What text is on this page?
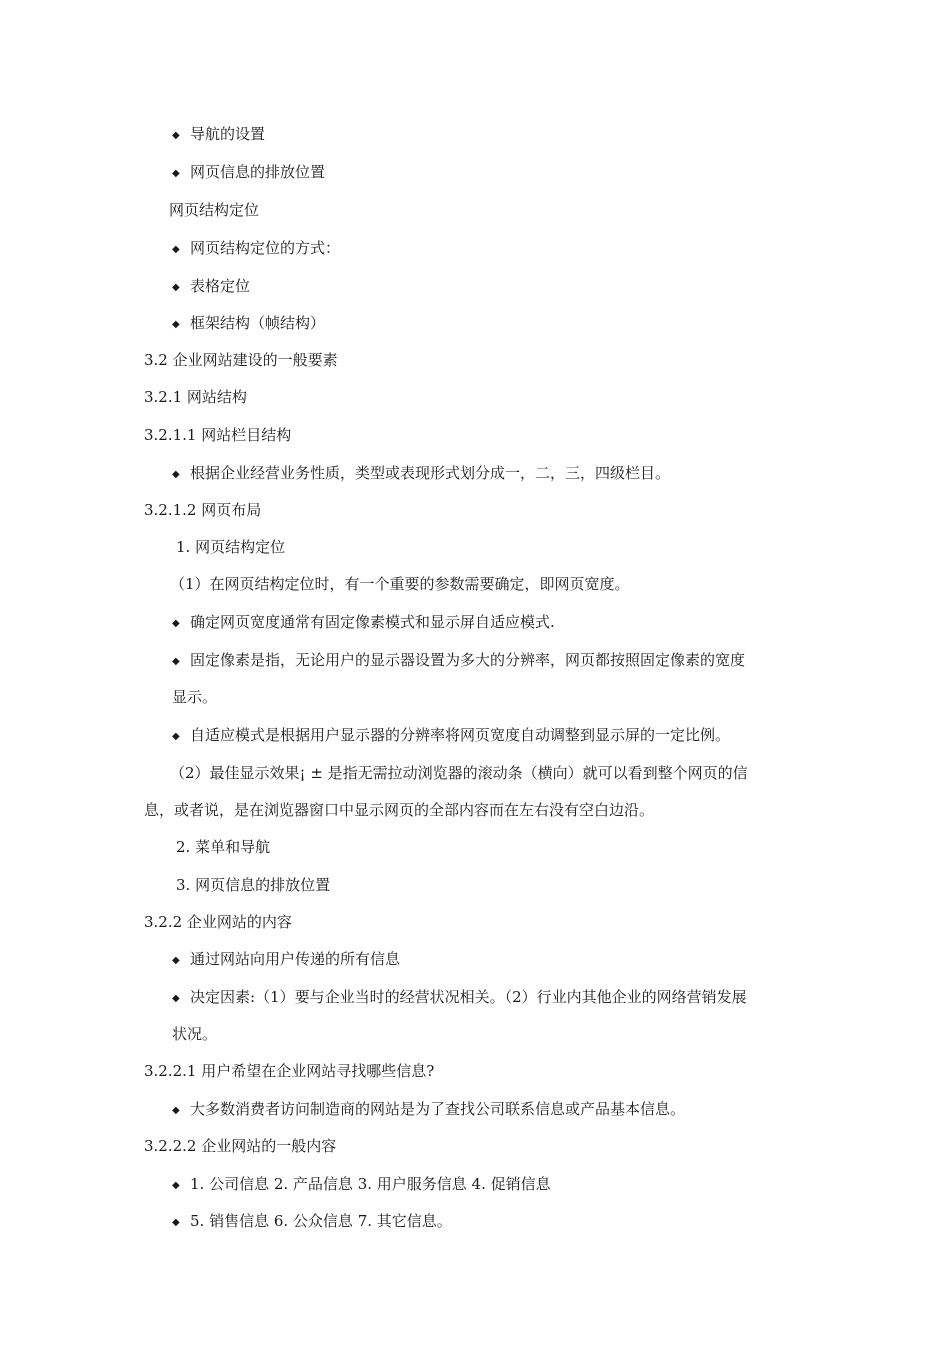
◆ 导航的设置
◆ 网页信息的排放位置
网页结构定位
◆ 网页结构定位的方式：
◆ 表格定位
◆ 框架结构（帧结构）
3.2 企业网站建设的一般要素
3.2.1 网站结构
3.2.1.1 网站栏目结构
◆ 根据企业经营业务性质，类型或表现形式划分成一，二，三，四级栏目。
3.2.1.2 网页布局
1. 网页结构定位
（1）在网页结构定位时，有一个重要的参数需要确定，即网页宽度。
◆ 确定网页宽度通常有固定像素模式和显示屏自适应模式.
◆ 固定像素是指，无论用户的显示器设置为多大的分辨率，网页都按照固定像素的宽度
显示。
◆ 自适应模式是根据用户显示器的分辨率将网页宽度自动调整到显示屏的一定比例。
（2）最佳显示效果¡ ± 是指无需拉动浏览器的滚动条（横向）就可以看到整个网页的信
息，或者说，是在浏览器窗口中显示网页的全部内容而在左右没有空白边沿。
2. 菜单和导航
3. 网页信息的排放位置
3.2.2 企业网站的内容
◆ 通过网站向用户传递的所有信息
◆ 决定因素:（1）要与企业当时的经营状况相关。（2）行业内其他企业的网络营销发展
状况。
3.2.2.1 用户希望在企业网站寻找哪些信息?
◆ 大多数消费者访问制造商的网站是为了查找公司联系信息或产品基本信息。
3.2.2.2 企业网站的一般内容
◆ 1. 公司信息 2. 产品信息 3. 用户服务信息 4. 促销信息
◆ 5. 销售信息 6. 公众信息 7. 其它信息。
